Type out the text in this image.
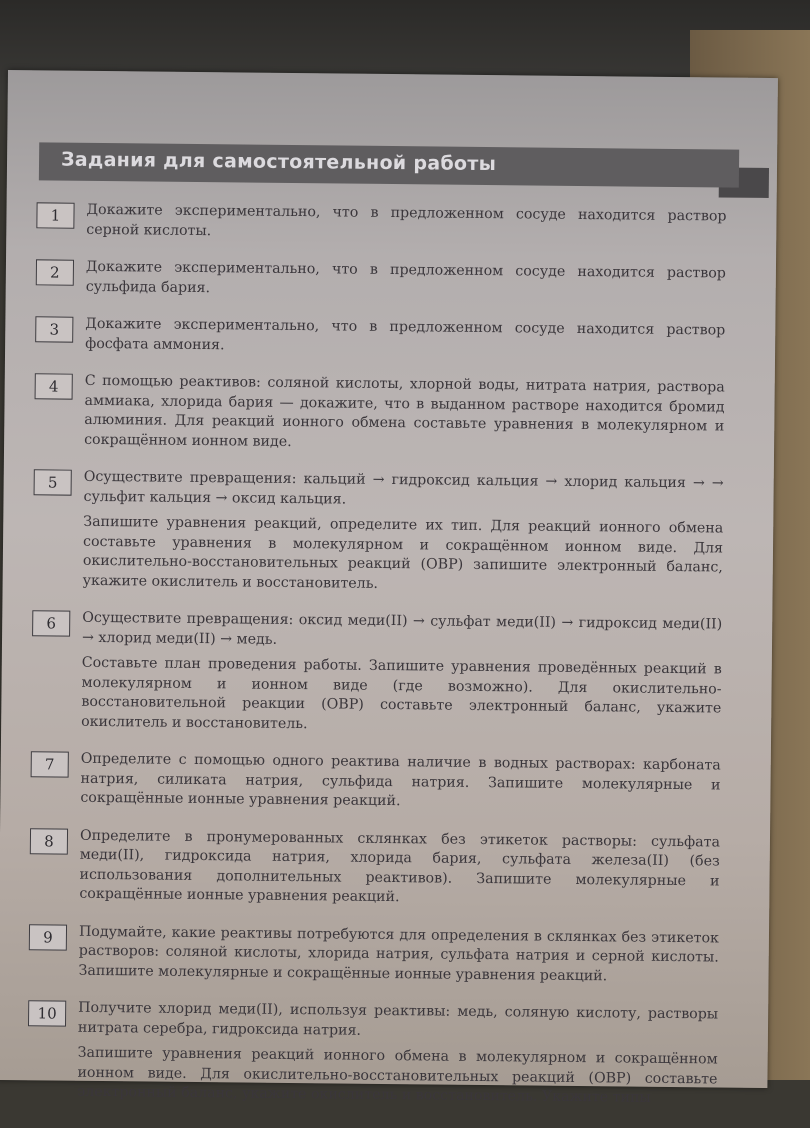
Задания для самостоятельной работы
1	Докажите экспериментально, что в предложенном сосуде находится раствор серной кислоты.

2	Докажите экспериментально, что в предложенном сосуде находится раствор сульфида бария.

3	Докажите экспериментально, что в предложенном сосуде находится раствор фосфата аммония.

4	С помощью реактивов: соляной кислоты, хлорной воды, нитрата натрия, раствора аммиака, хлорида бария — докажите, что в выданном растворе находится бромид алюминия. Для реакций ионного обмена составьте уравнения в молекулярном и сокращённом ионном виде.

5	Осуществите превращения: кальций → гидроксид кальция → хлорид кальция → → сульфит кальция → оксид кальция.

Запишите уравнения реакций, определите их тип. Для реакций ионного обмена составьте уравнения в молекулярном и сокращённом ионном виде. Для окислительно-восстановительных реакций (ОВР) запишите электронный баланс, укажите окислитель и восстановитель.

6	Осуществите превращения: оксид меди(II) → сульфат меди(II) → гидроксид меди(II) → хлорид меди(II) → медь.

Составьте план проведения работы. Запишите уравнения проведённых реакций в молекулярном и ионном виде (где возможно). Для окислительно-восстановительной реакции (ОВР) составьте электронный баланс, укажите окислитель и восстановитель.

7	Определите с помощью одного реактива наличие в водных растворах: карбоната натрия, силиката натрия, сульфида натрия. Запишите молекулярные и сокращённые ионные уравнения реакций.

8	Определите в пронумерованных склянках без этикеток растворы: сульфата меди(II), гидроксида натрия, хлорида бария, сульфата железа(II) (без использования дополнительных реактивов). Запишите молекулярные и сокращённые ионные уравнения реакций.

9	Подумайте, какие реактивы потребуются для определения в склянках без этикеток растворов: соляной кислоты, хлорида натрия, сульфата натрия и серной кислоты. Запишите молекулярные и сокращённые ионные уравнения реакций.

10	Получите хлорид меди(II), используя реактивы: медь, соляную кислоту, растворы нитрата серебра, гидроксида натрия.

Запишите уравнения реакций ионного обмена в молекулярном и сокращённом ионном виде. Для окислительно-восстановительных реакций (ОВР) составьте электронный баланс, укажите окислитель и восстановитель. Укажите типы
